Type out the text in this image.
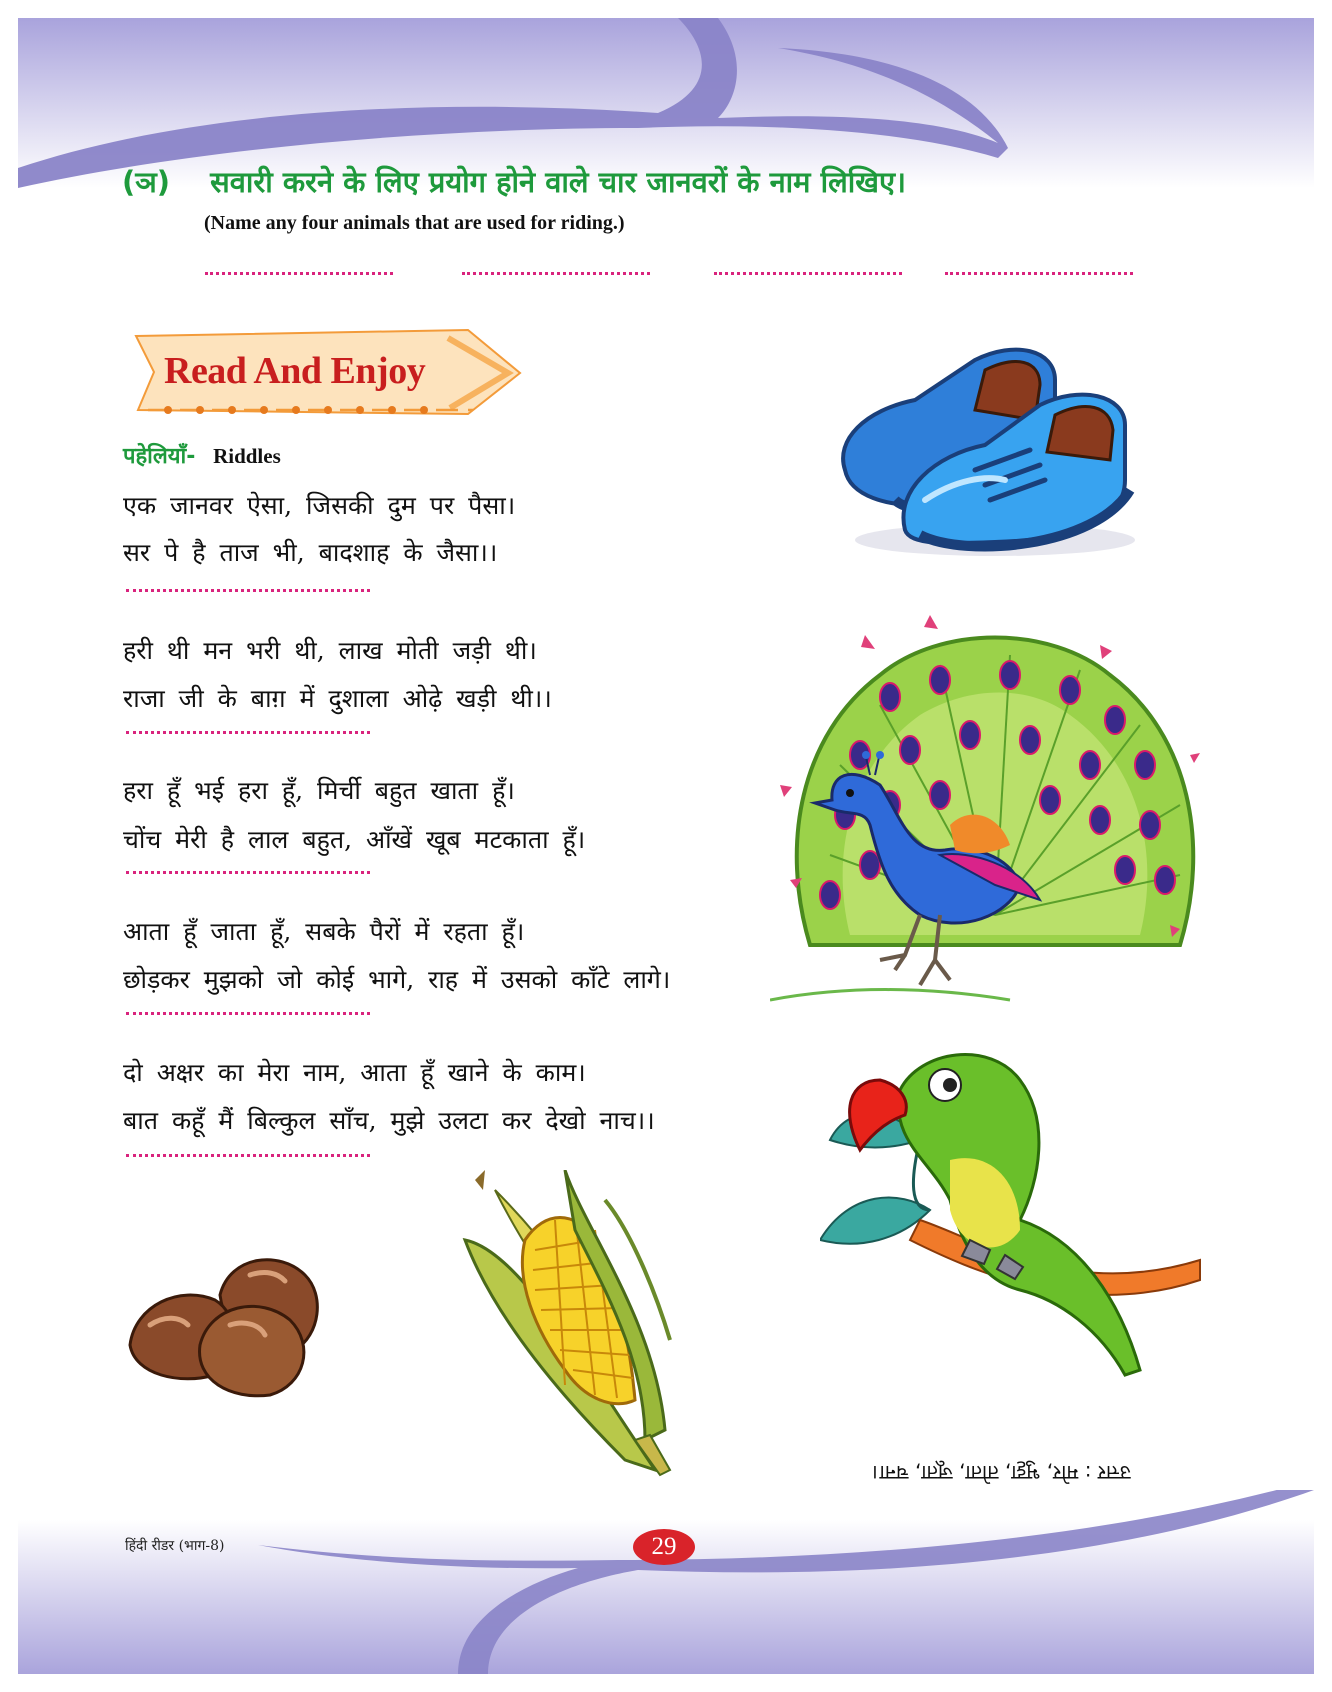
(ञ) सवारी करने के लिए प्रयोग होने वाले चार जानवरों के नाम लिखिए।
(Name any four animals that are used for riding.)
Read And Enjoy
पहेलियाँ- Riddles
एक जानवर ऐसा, जिसकी दुम पर पैसा।
सर पे है ताज भी, बादशाह के जैसा।।
हरी थी मन भरी थी, लाख मोती जड़ी थी।
राजा जी के बाग़ में दुशाला ओढ़े खड़ी थी।।
हरा हूँ भई हरा हूँ, मिर्ची बहुत खाता हूँ।
चोंच मेरी है लाल बहुत, आँखें खूब मटकाता हूँ।
आता हूँ जाता हूँ, सबके पैरों में रहता हूँ।
छोड़कर मुझको जो कोई भागे, राह में उसको काँटे लागे।
दो अक्षर का मेरा नाम, आता हूँ खाने के काम।
बात कहूँ मैं बिल्कुल साँच, मुझे उलटा कर देखो नाच।।
उत्तर : मोर, भुट्टा, तोता, जूता, चना।
हिंदी रीडर (भाग-8)	29
